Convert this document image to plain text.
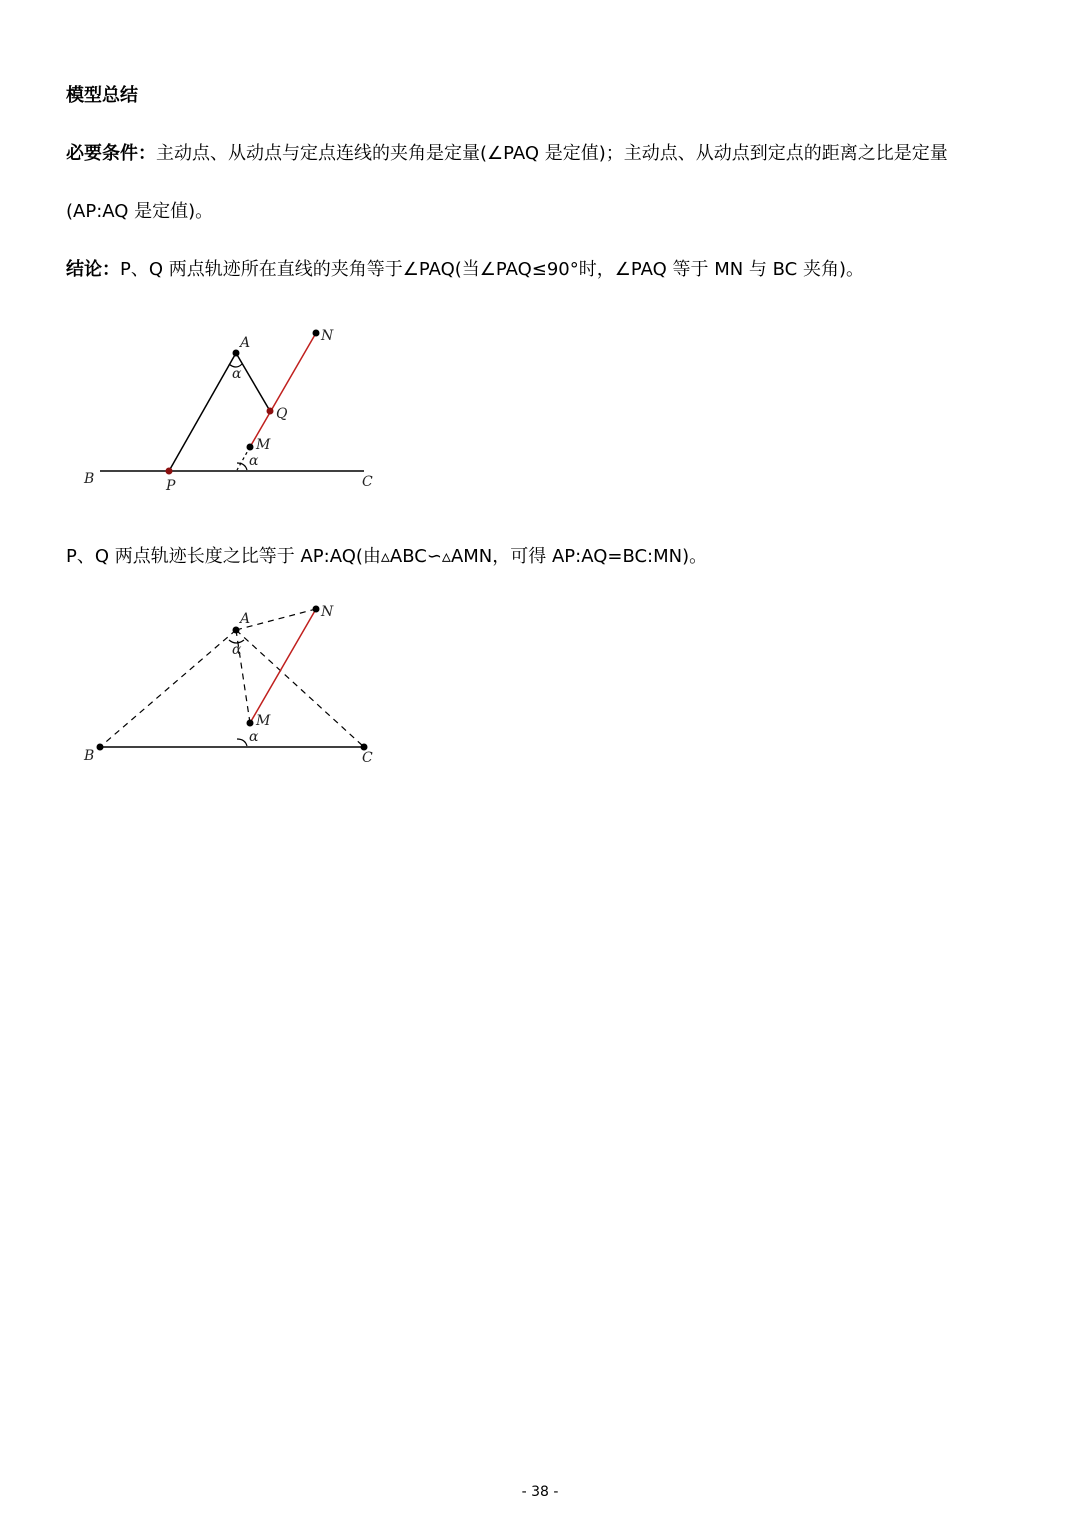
模型总结
必要条件：主动点、从动点与定点连线的夹角是定量(∠PAQ 是定值)；主动点、从动点到定点的距离之比是定量
(AP:AQ 是定值)。
结论：P、Q 两点轨迹所在直线的夹角等于∠PAQ(当∠PAQ≤90°时，∠PAQ 等于 MN 与 BC 夹角)。
A	N
Q
M
α
α
B	P	C
P、Q 两点轨迹长度之比等于 AP:AQ(由▵ABC∽▵AMN，可得 AP:AQ=BC:MN)。
A	N
M
α
α
B	C
- 38 -
